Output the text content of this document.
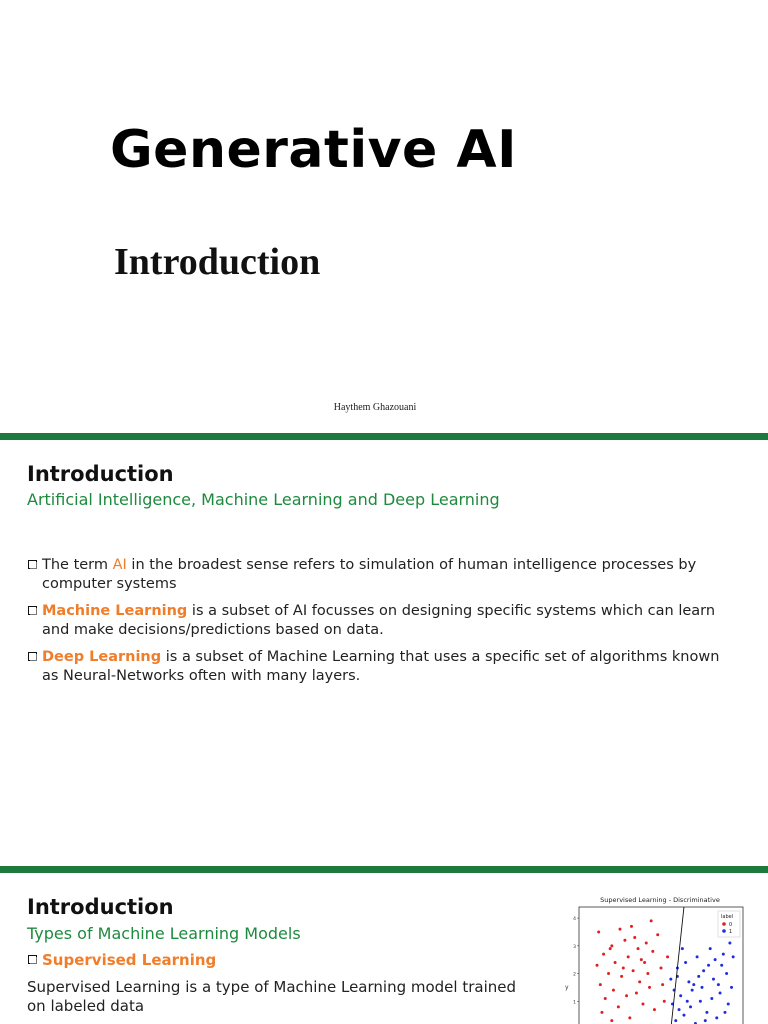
Generative AI
Introduction
Haythem Ghazouani
Introduction

Artificial Intelligence, Machine Learning and Deep Learning

The term AI in the broadest sense refers to simulation of human intelligence processes by computer systems
Machine Learning is a subset of AI focusses on designing specific systems which can learn and make decisions/predictions based on data.
Deep Learning is a subset of Machine Learning that uses a specific set of algorithms known as Neural-Networks often with many layers.
Introduction

Types of Machine Learning Models

Supervised Learning

Supervised Learning is a type of Machine Learning model trained on labeled data

Supervised Learning - Discriminative
y
1
2
3
4	label
0
1
